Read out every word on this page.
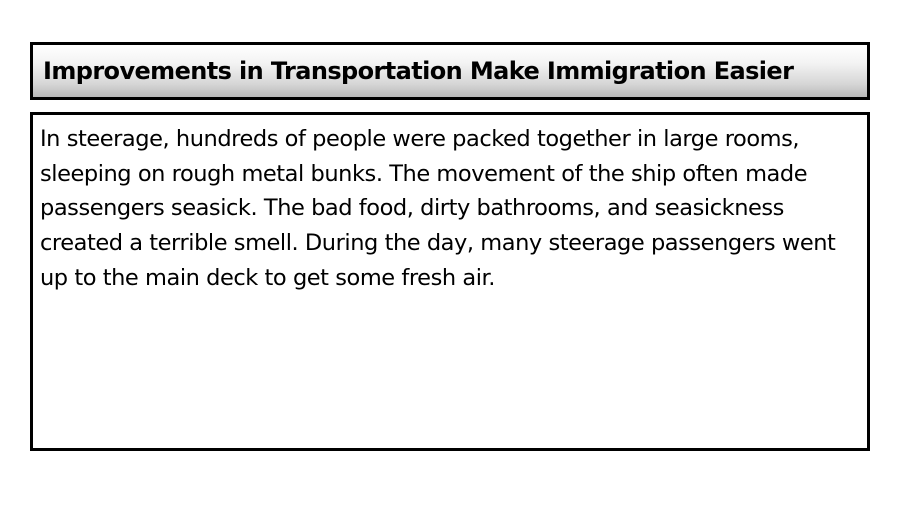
Improvements in Transportation Make Immigration Easier

In steerage, hundreds of people were packed together in large rooms, sleeping on rough metal bunks. The movement of the ship often made passengers seasick. The bad food, dirty bathrooms, and seasickness created a terrible smell. During the day, many steerage passengers went up to the main deck to get some fresh air.
